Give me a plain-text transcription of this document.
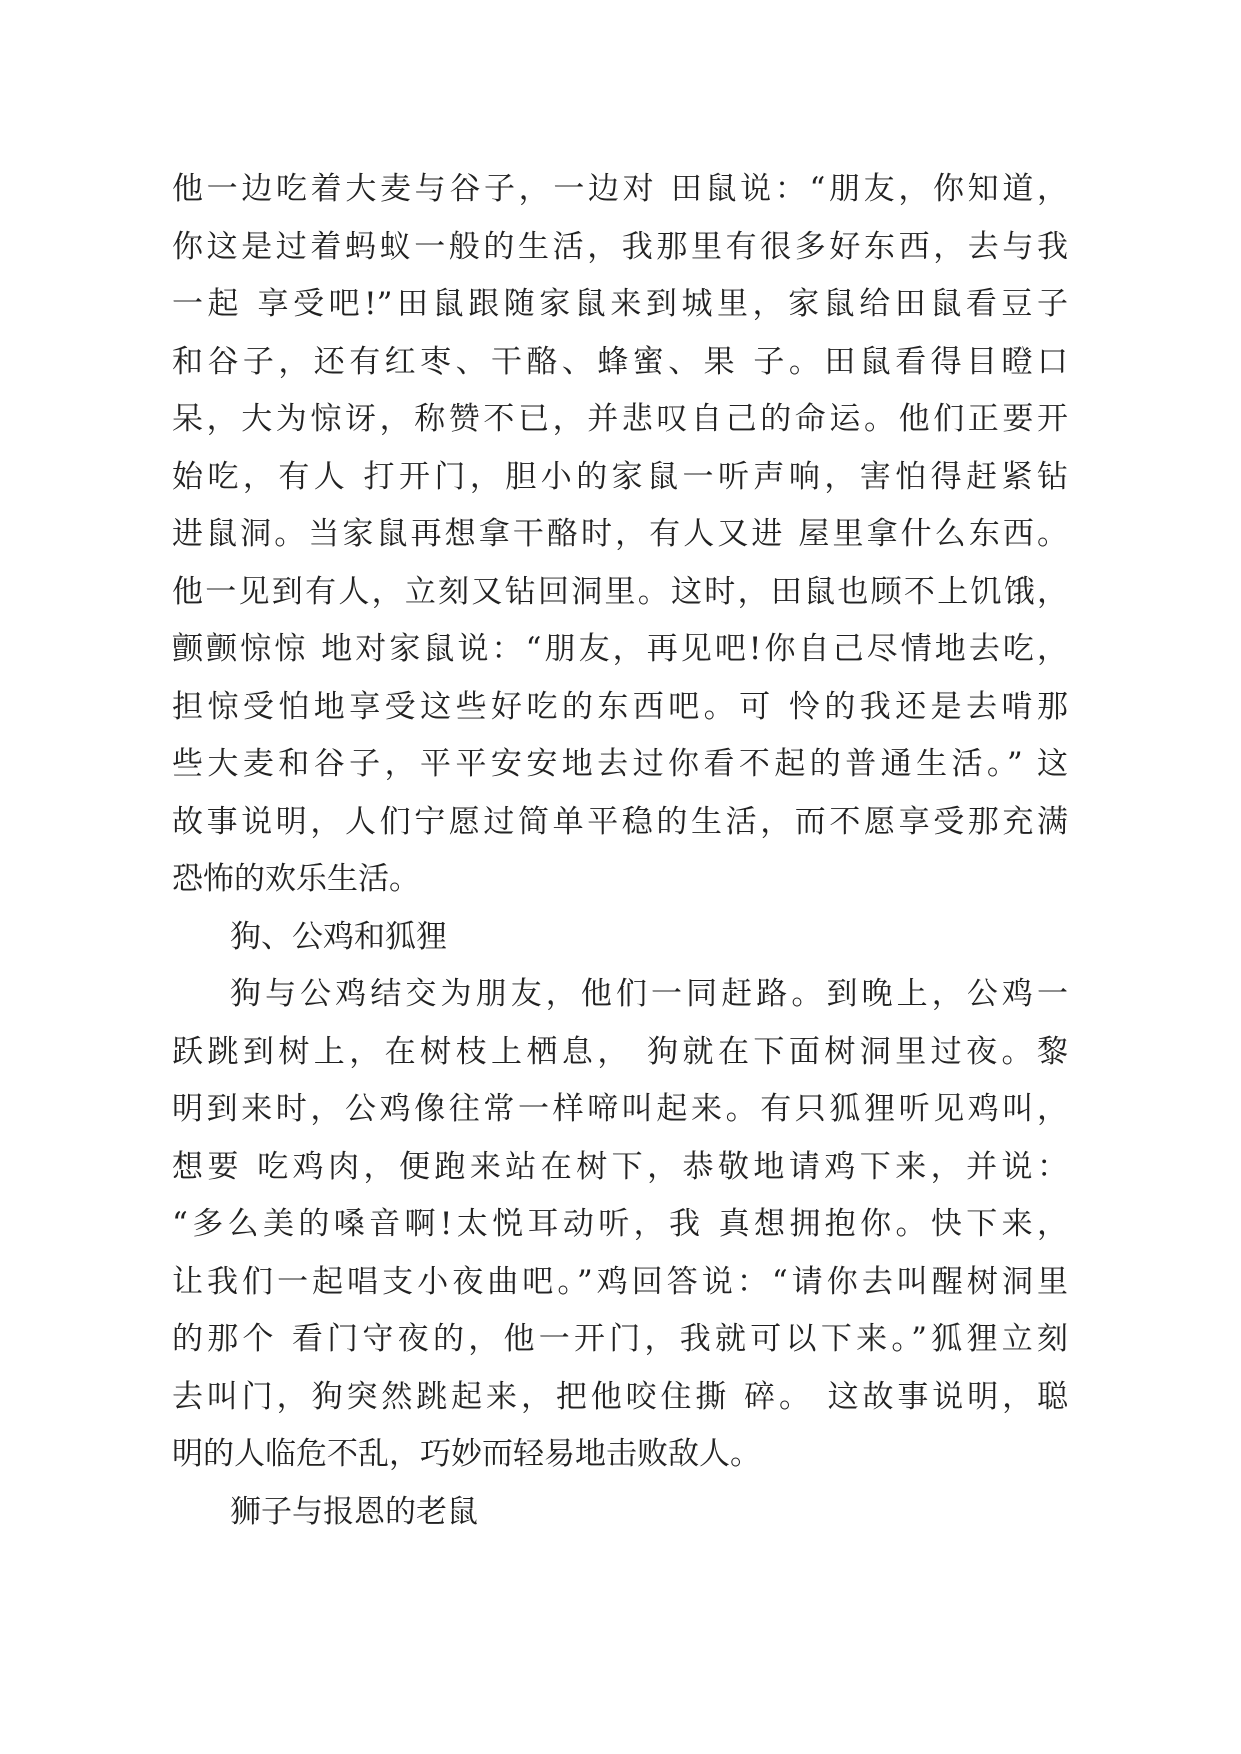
他一边吃着大麦与谷子，一边对 田鼠说：“朋友，你知道，
你这是过着蚂蚁一般的生活，我那里有很多好东西，去与我
一起 享受吧!”田鼠跟随家鼠来到城里，家鼠给田鼠看豆子
和谷子，还有红枣、干酪、蜂蜜、果 子。田鼠看得目瞪口
呆，大为惊讶，称赞不已，并悲叹自己的命运。他们正要开
始吃，有人 打开门，胆小的家鼠一听声响，害怕得赶紧钻
进鼠洞。当家鼠再想拿干酪时，有人又进 屋里拿什么东西。
他一见到有人，立刻又钻回洞里。这时，田鼠也顾不上饥饿，
颤颤惊惊 地对家鼠说：“朋友，再见吧!你自己尽情地去吃，
担惊受怕地享受这些好吃的东西吧。可 怜的我还是去啃那
些大麦和谷子，平平安安地去过你看不起的普通生活。” 这
故事说明，人们宁愿过简单平稳的生活，而不愿享受那充满
恐怖的欢乐生活。
狗、公鸡和狐狸
狗与公鸡结交为朋友，他们一同赶路。到晚上，公鸡一
跃跳到树上，在树枝上栖息， 狗就在下面树洞里过夜。黎
明到来时，公鸡像往常一样啼叫起来。有只狐狸听见鸡叫，
想要 吃鸡肉，便跑来站在树下，恭敬地请鸡下来，并说：
“多么美的嗓音啊!太悦耳动听，我 真想拥抱你。快下来，
让我们一起唱支小夜曲吧。”鸡回答说：“请你去叫醒树洞里
的那个 看门守夜的，他一开门，我就可以下来。”狐狸立刻
去叫门，狗突然跳起来，把他咬住撕 碎。 这故事说明，聪
明的人临危不乱，巧妙而轻易地击败敌人。
狮子与报恩的老鼠
